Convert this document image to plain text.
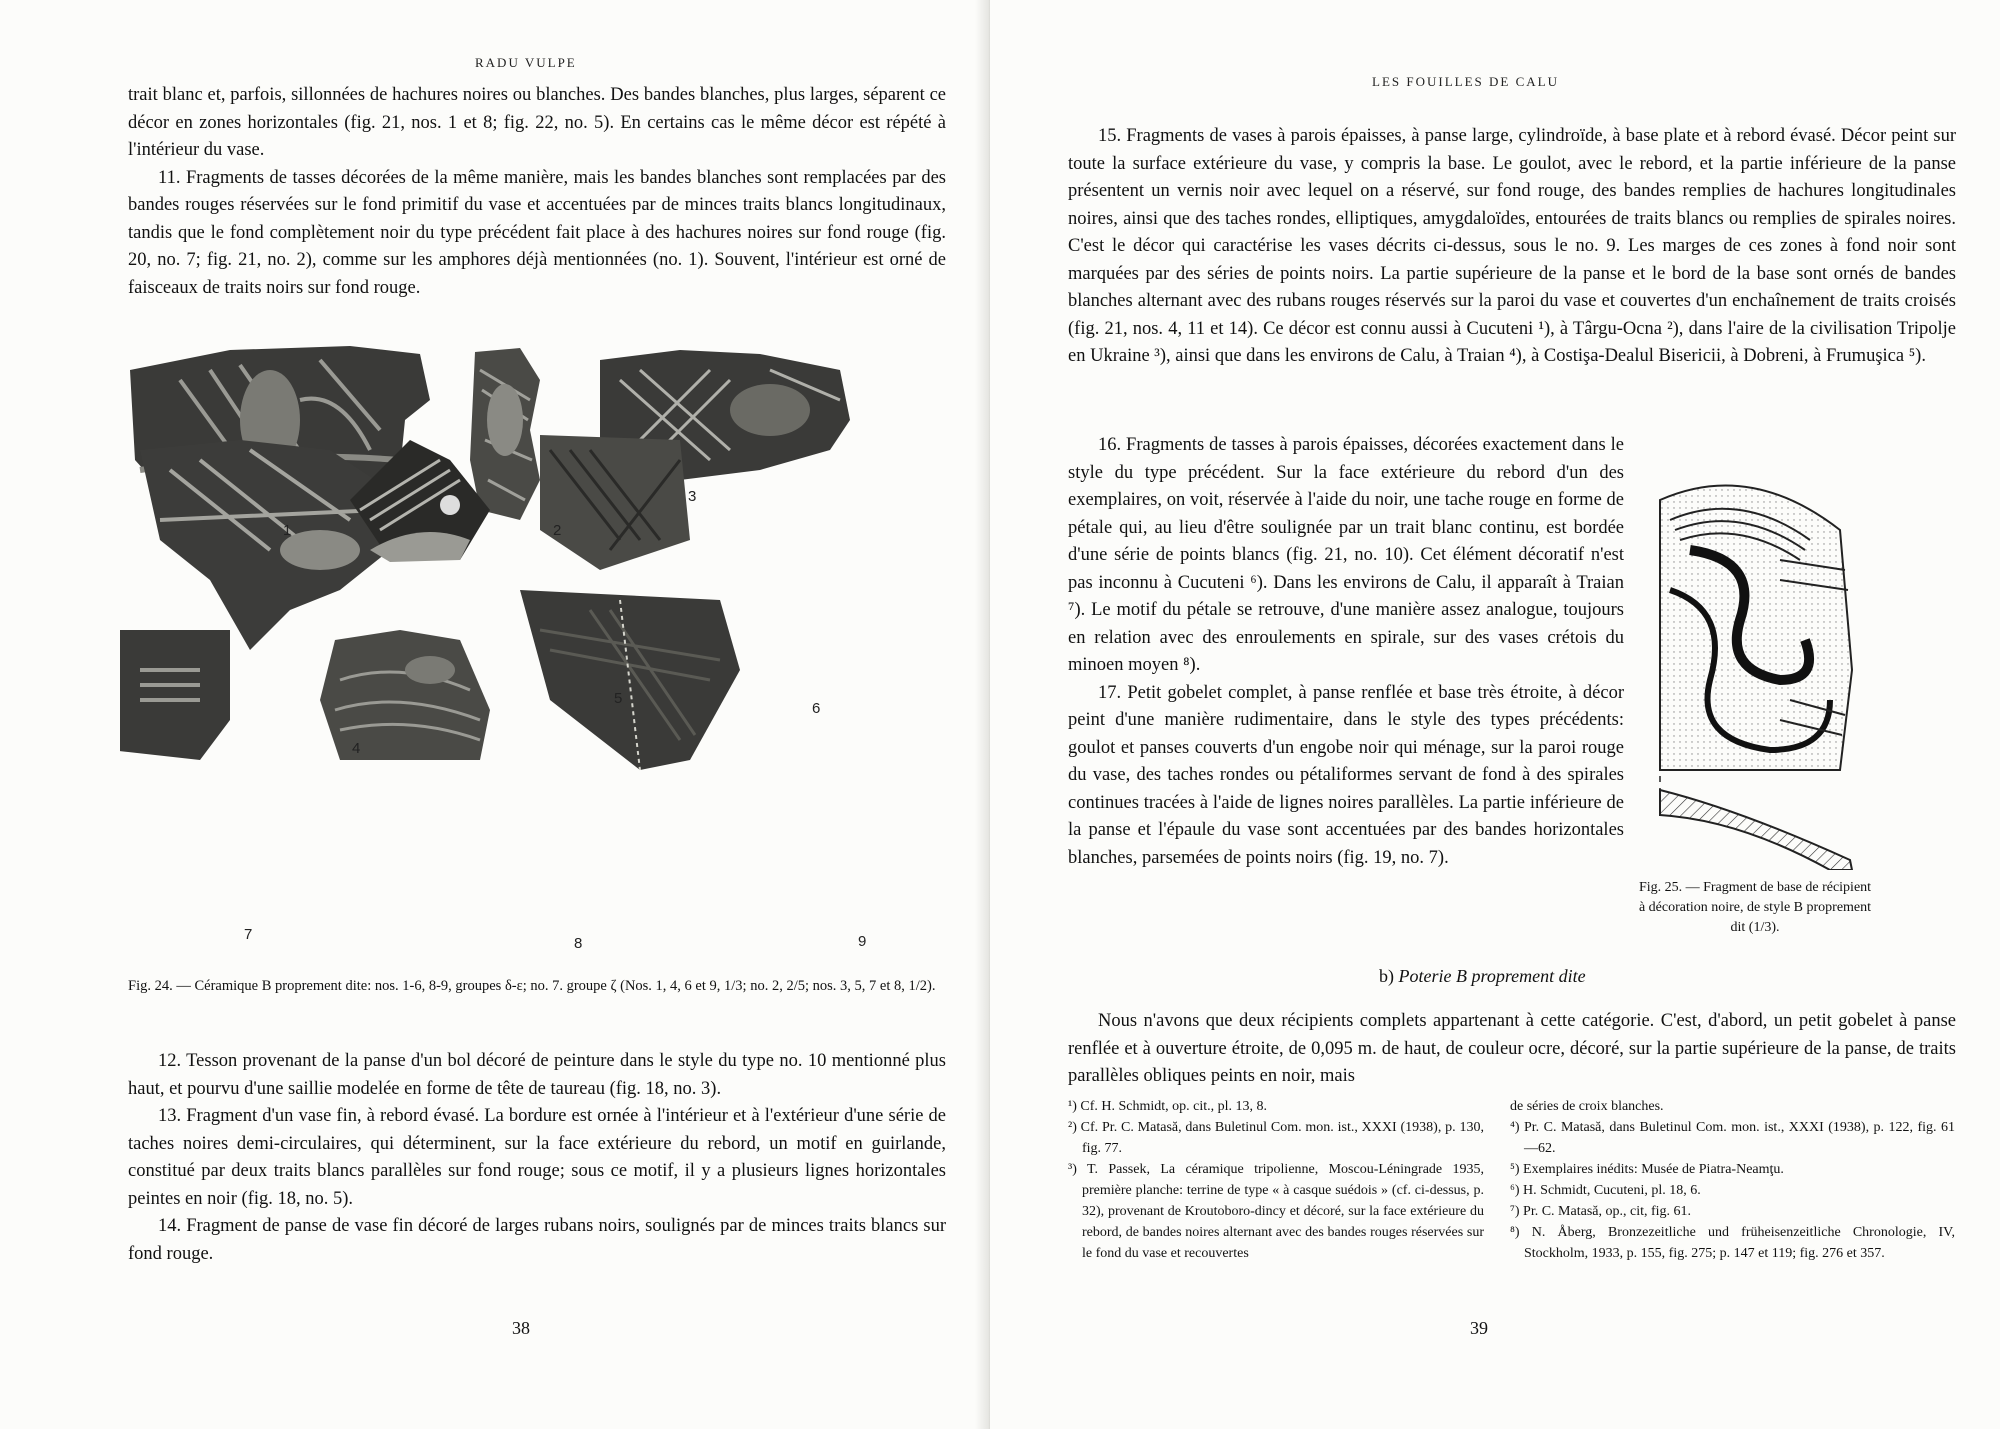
RADU VULPE

trait blanc et, parfois, sillonnées de hachures noires ou blanches. Des bandes blanches, plus larges, séparent ce décor en zones horizontales (fig. 21, nos. 1 et 8; fig. 22, no. 5). En certains cas le même décor est répété à l'intérieur du vase.

11. Fragments de tasses décorées de la même manière, mais les bandes blanches sont remplacées par des bandes rouges réservées sur le fond primitif du vase et accentuées par de minces traits blancs longitudinaux, tandis que le fond complètement noir du type précédent fait place à des hachures noires sur fond rouge (fig. 20, no. 7; fig. 21, no. 2), comme sur les amphores déjà mentionnées (no. 1). Souvent, l'intérieur est orné de faisceaux de traits noirs sur fond rouge.

1	2
3
4
5
6
7
8	9
Fig. 24. — Céramique B proprement dite: nos. 1-6, 8-9, groupes δ-ε; no. 7. groupe ζ (Nos. 1, 4, 6 et 9, 1/3; no. 2, 2/5; nos. 3, 5, 7 et 8, 1/2).

12. Tesson provenant de la panse d'un bol décoré de peinture dans le style du type no. 10 mentionné plus haut, et pourvu d'une saillie modelée en forme de tête de taureau (fig. 18, no. 3).

13. Fragment d'un vase fin, à rebord évasé. La bordure est ornée à l'intérieur et à l'extérieur d'une série de taches noires demi-circulaires, qui déterminent, sur la face extérieure du rebord, un motif en guirlande, constitué par deux traits blancs parallèles sur fond rouge; sous ce motif, il y a plusieurs lignes horizontales peintes en noir (fig. 18, no. 5).

14. Fragment de panse de vase fin décoré de larges rubans noirs, soulignés par de minces traits blancs sur fond rouge.

38
LES FOUILLES DE CALU

15. Fragments de vases à parois épaisses, à panse large, cylindroïde, à base plate et à rebord évasé. Décor peint sur toute la surface extérieure du vase, y compris la base. Le goulot, avec le rebord, et la partie inférieure de la panse présentent un vernis noir avec lequel on a réservé, sur fond rouge, des bandes remplies de hachures longitudinales noires, ainsi que des taches rondes, elliptiques, amygdaloïdes, entourées de traits blancs ou remplies de spirales noires. C'est le décor qui caractérise les vases décrits ci-dessus, sous le no. 9. Les marges de ces zones à fond noir sont marquées par des séries de points noirs. La partie supérieure de la panse et le bord de la base sont ornés de bandes blanches alternant avec des rubans rouges réservés sur la paroi du vase et couvertes d'un enchaînement de traits croisés (fig. 21, nos. 4, 11 et 14). Ce décor est connu aussi à Cucuteni ¹), à Târgu-Ocna ²), dans l'aire de la civilisation Tripolje en Ukraine ³), ainsi que dans les environs de Calu, à Traian ⁴), à Costişa-Dealul Bisericii, à Dobreni, à Frumuşica ⁵).

16. Fragments de tasses à parois épaisses, décorées exactement dans le style du type précédent. Sur la face extérieure du rebord d'un des exemplaires, on voit, réservée à l'aide du noir, une tache rouge en forme de pétale qui, au lieu d'être soulignée par un trait blanc continu, est bordée d'une série de points blancs (fig. 21, no. 10). Cet élément décoratif n'est pas inconnu à Cucuteni ⁶). Dans les environs de Calu, il apparaît à Traian ⁷). Le motif du pétale se retrouve, d'une manière assez analogue, toujours en relation avec des enroulements en spirale, sur des vases crétois du minoen moyen ⁸).

17. Petit gobelet complet, à panse renflée et base très étroite, à décor peint d'une manière rudimentaire, dans le style des types précédents: goulot et panses couverts d'un engobe noir qui ménage, sur la paroi rouge du vase, des taches rondes ou pétaliformes servant de fond à des spirales continues tracées à l'aide de lignes noires parallèles. La partie inférieure de la panse et l'épaule du vase sont accentuées par des bandes horizontales blanches, parsemées de points noirs (fig. 19, no. 7).

Fig. 25. — Fragment de base de récipient à décoration noire, de style B proprement dit (1/3).
b) Poterie B proprement dite

Nous n'avons que deux récipients complets appartenant à cette catégorie. C'est, d'abord, un petit gobelet à panse renflée et à ouverture étroite, de 0,095 m. de haut, de couleur ocre, décoré, sur la partie supérieure de la panse, de traits parallèles obliques peints en noir, mais

¹) Cf. H. Schmidt, op. cit., pl. 13, 8.
²) Cf. Pr. C. Matasă, dans Buletinul Com. mon. ist., XXXI (1938), p. 130, fig. 77.
³) T. Passek, La céramique tripolienne, Moscou-Léningrade 1935, première planche: terrine de type « à casque suédois » (cf. ci-dessus, p. 32), provenant de Kroutoboro-dincy et décoré, sur la face extérieure du rebord, de bandes noires alternant avec des bandes rouges réservées sur le fond du vase et recouvertes
de séries de croix blanches.
⁴) Pr. C. Matasă, dans Buletinul Com. mon. ist., XXXI (1938), p. 122, fig. 61—62.
⁵) Exemplaires inédits: Musée de Piatra-Neamţu.
⁶) H. Schmidt, Cucuteni, pl. 18, 6.
⁷) Pr. C. Matasă, op., cit, fig. 61.
⁸) N. Åberg, Bronzezeitliche und früheisenzeitliche Chronologie, IV, Stockholm, 1933, p. 155, fig. 275; p. 147 et 119; fig. 276 et 357.
39
